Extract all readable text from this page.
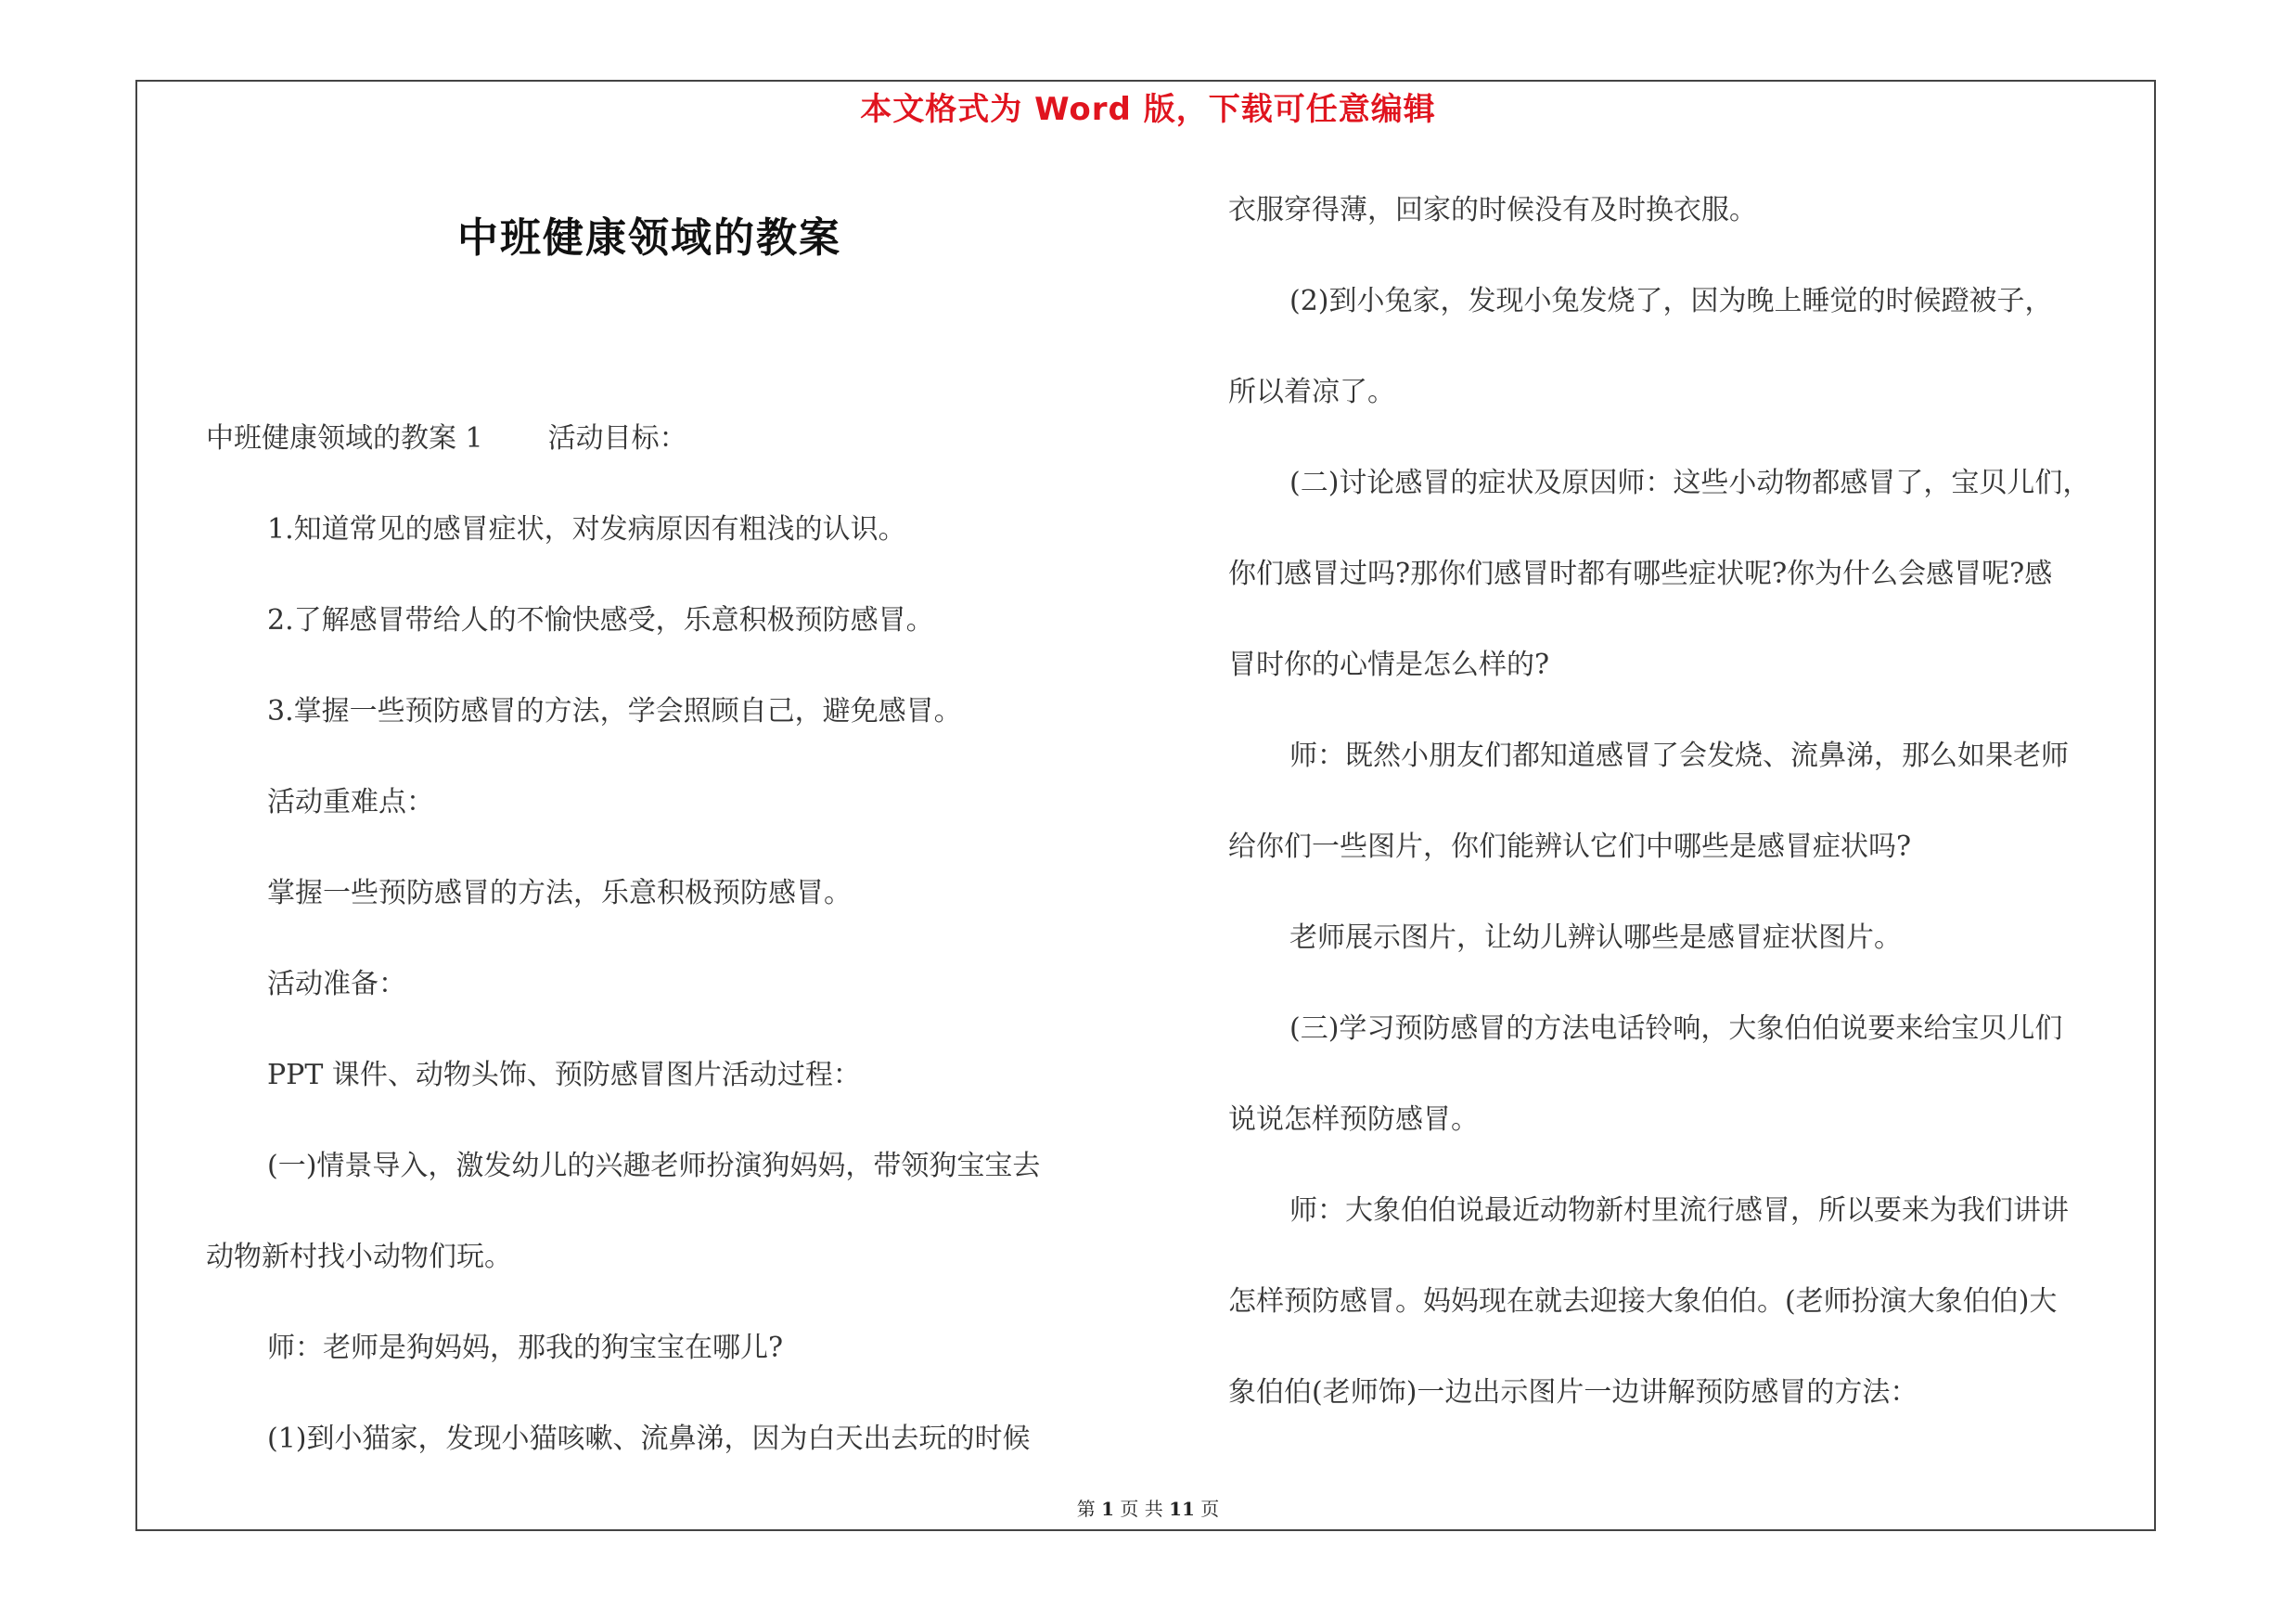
本文格式为 Word 版，下载可任意编辑
中班健康领域的教案

中班健康领域的教案 1 活动目标：

1.知道常见的感冒症状，对发病原因有粗浅的认识。

2.了解感冒带给人的不愉快感受，乐意积极预防感冒。

3.掌握一些预防感冒的方法，学会照顾自己，避免感冒。

活动重难点：

掌握一些预防感冒的方法，乐意积极预防感冒。

活动准备：

PPT 课件、动物头饰、预防感冒图片活动过程：

(一)情景导入，激发幼儿的兴趣老师扮演狗妈妈，带领狗宝宝去

动物新村找小动物们玩。

师：老师是狗妈妈，那我的狗宝宝在哪儿?

(1)到小猫家，发现小猫咳嗽、流鼻涕，因为白天出去玩的时候

衣服穿得薄，回家的时候没有及时换衣服。

(2)到小兔家，发现小兔发烧了，因为晚上睡觉的时候蹬被子，

所以着凉了。

(二)讨论感冒的症状及原因师：这些小动物都感冒了，宝贝儿们，

你们感冒过吗?那你们感冒时都有哪些症状呢?你为什么会感冒呢?感

冒时你的心情是怎么样的?

师：既然小朋友们都知道感冒了会发烧、流鼻涕，那么如果老师

给你们一些图片，你们能辨认它们中哪些是感冒症状吗?

老师展示图片，让幼儿辨认哪些是感冒症状图片。

(三)学习预防感冒的方法电话铃响，大象伯伯说要来给宝贝儿们

说说怎样预防感冒。

师：大象伯伯说最近动物新村里流行感冒，所以要来为我们讲讲

怎样预防感冒。妈妈现在就去迎接大象伯伯。(老师扮演大象伯伯)大

象伯伯(老师饰)一边出示图片一边讲解预防感冒的方法：

第 1 页 共 11 页
